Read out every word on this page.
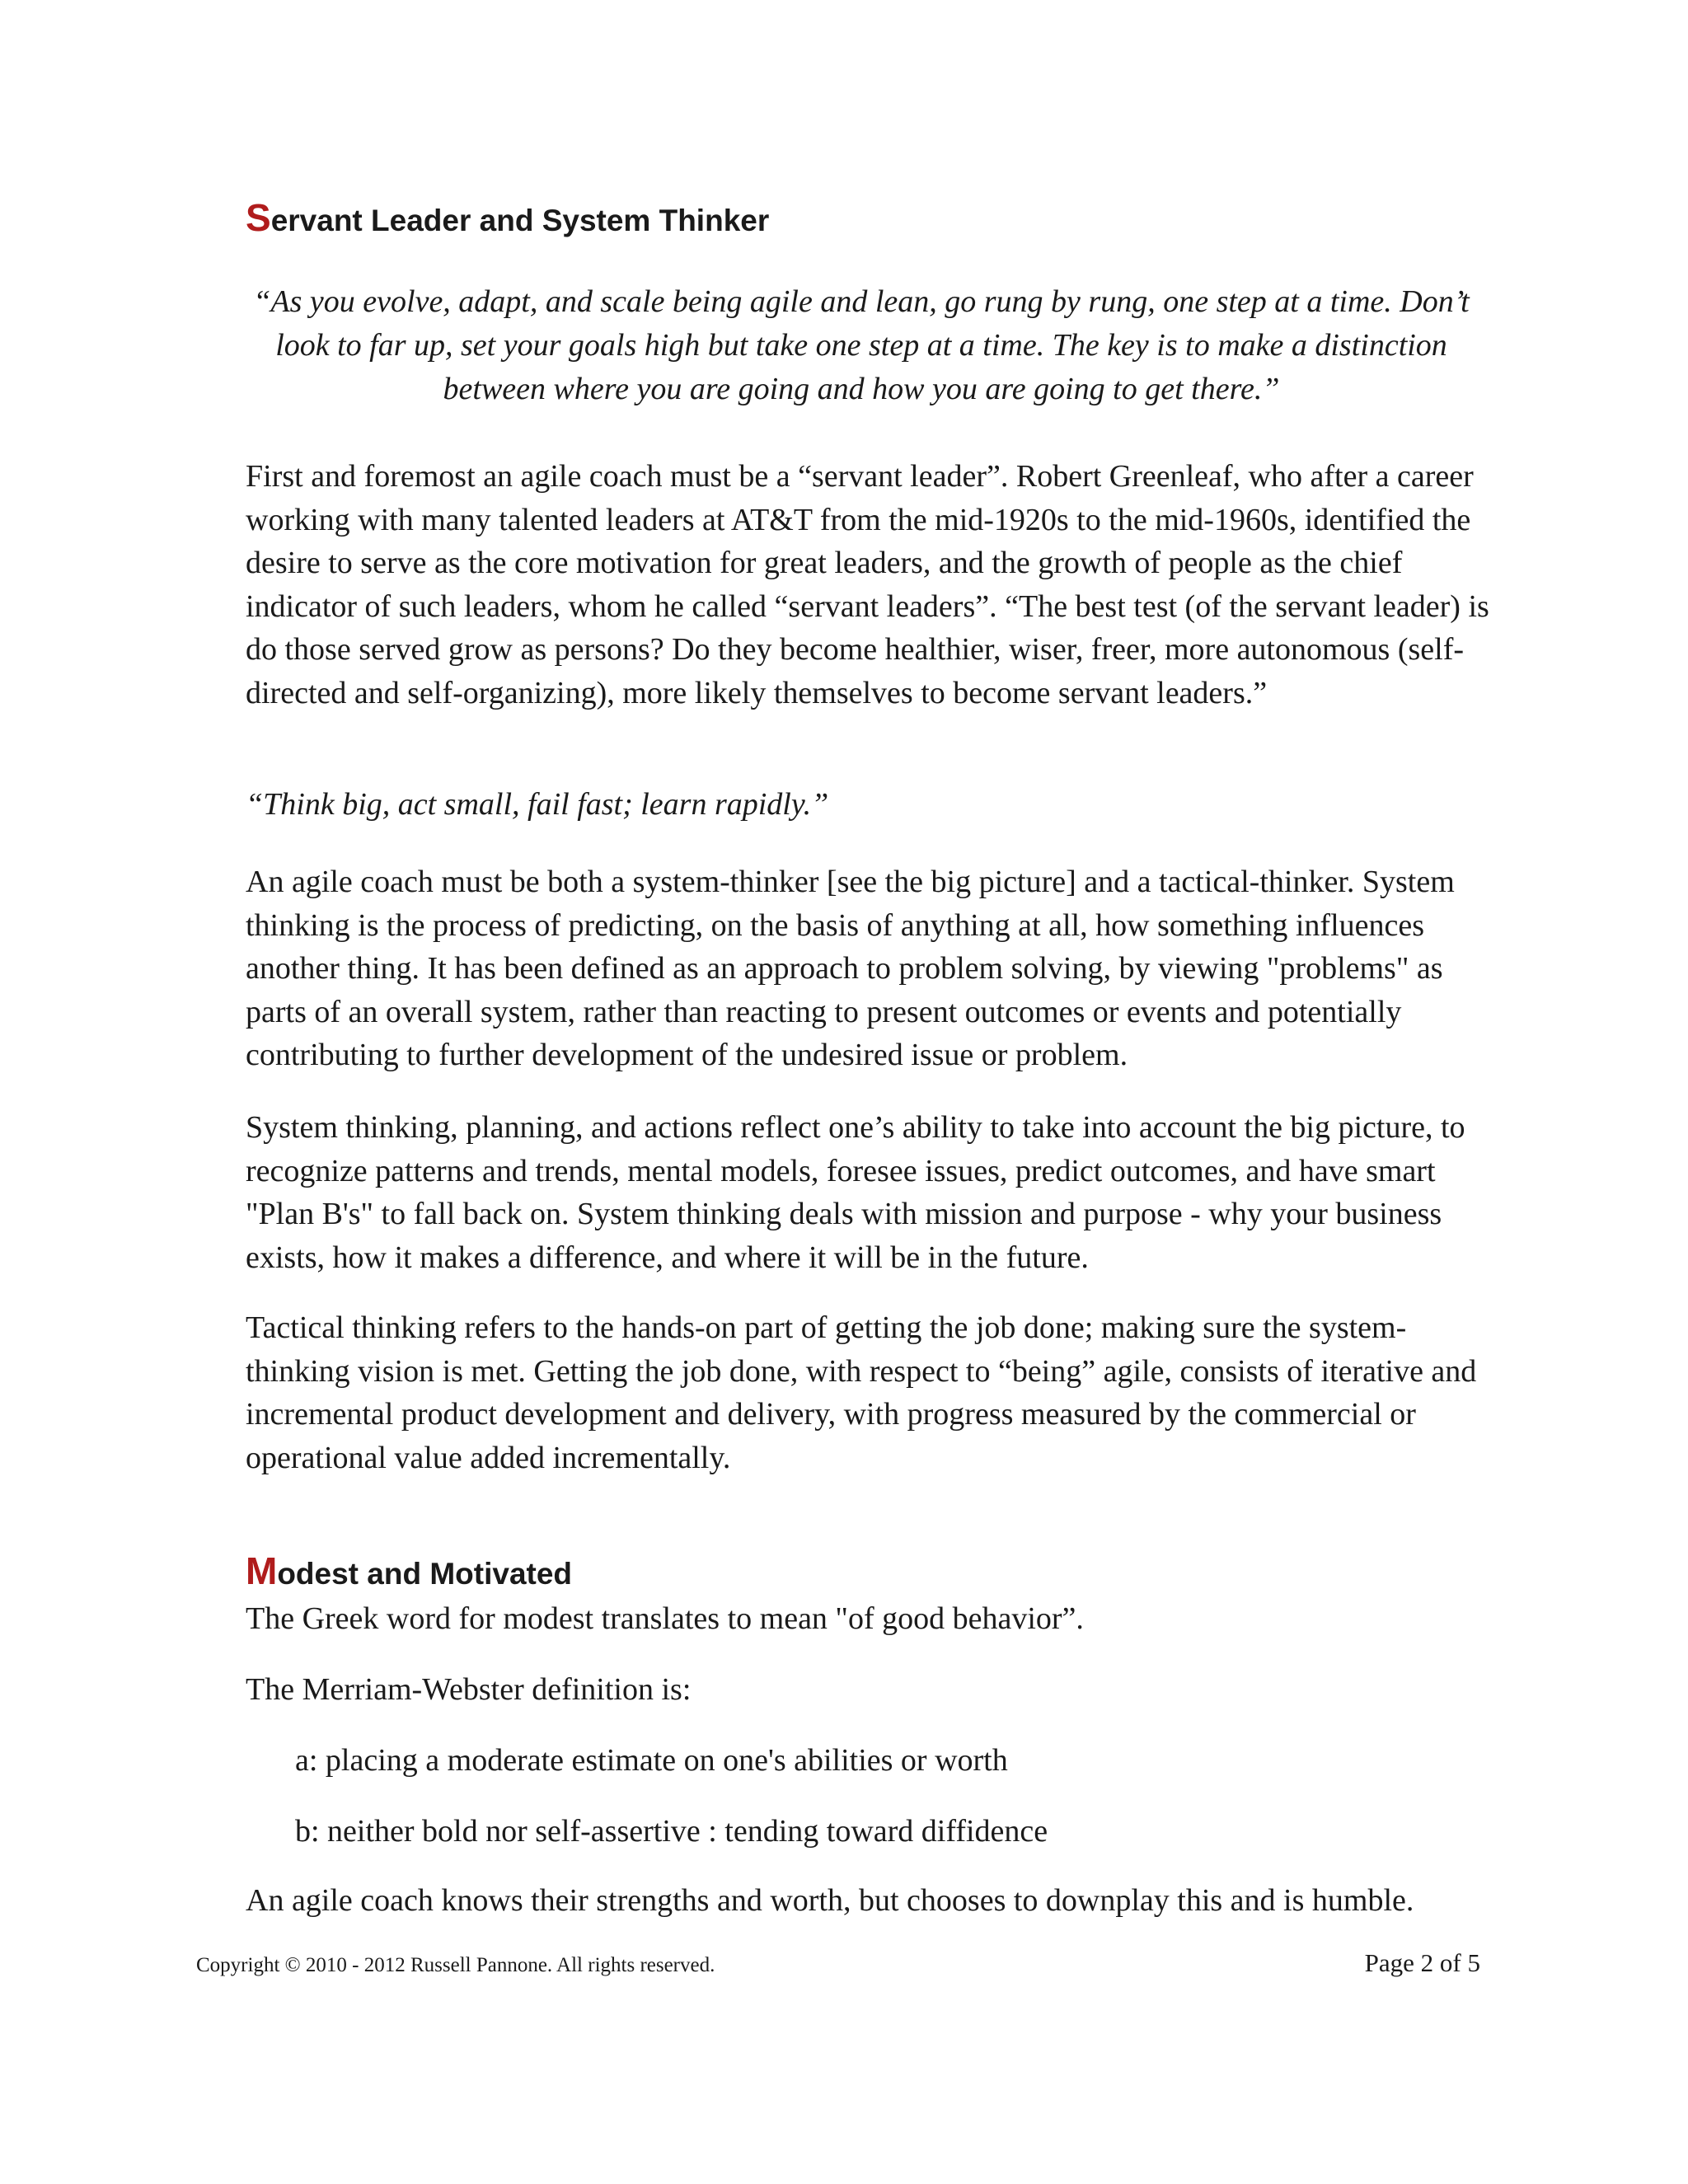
Servant Leader and System Thinker

“As you evolve, adapt, and scale being agile and lean, go rung by rung, one step at a time. Don’t look to far up, set your goals high but take one step at a time. The key is to make a distinction between where you are going and how you are going to get there.”

First and foremost an agile coach must be a “servant leader”. Robert Greenleaf, who after a career working with many talented leaders at AT&T from the mid-1920s to the mid-1960s, identified the desire to serve as the core motivation for great leaders, and the growth of people as the chief indicator of such leaders, whom he called “servant leaders”. “The best test (of the servant leader) is do those served grow as persons? Do they become healthier, wiser, freer, more autonomous (self-directed and self-organizing), more likely themselves to become servant leaders.”

“Think big, act small, fail fast; learn rapidly.”

An agile coach must be both a system-thinker [see the big picture] and a tactical-thinker. System thinking is the process of predicting, on the basis of anything at all, how something influences another thing. It has been defined as an approach to problem solving, by viewing "problems" as parts of an overall system, rather than reacting to present outcomes or events and potentially contributing to further development of the undesired issue or problem.

System thinking, planning, and actions reflect one’s ability to take into account the big picture, to recognize patterns and trends, mental models, foresee issues, predict outcomes, and have smart "Plan B's" to fall back on. System thinking deals with mission and purpose - why your business exists, how it makes a difference, and where it will be in the future.

Tactical thinking refers to the hands-on part of getting the job done; making sure the system-thinking vision is met. Getting the job done, with respect to “being” agile, consists of iterative and incremental product development and delivery, with progress measured by the commercial or operational value added incrementally.

Modest and Motivated

The Greek word for modest translates to mean "of good behavior”.

The Merriam-Webster definition is:

a: placing a moderate estimate on one's abilities or worth

b: neither bold nor self-assertive : tending toward diffidence

An agile coach knows their strengths and worth, but chooses to downplay this and is humble.

Copyright © 2010 - 2012 Russell Pannone. All rights reserved.	Page 2 of 5
